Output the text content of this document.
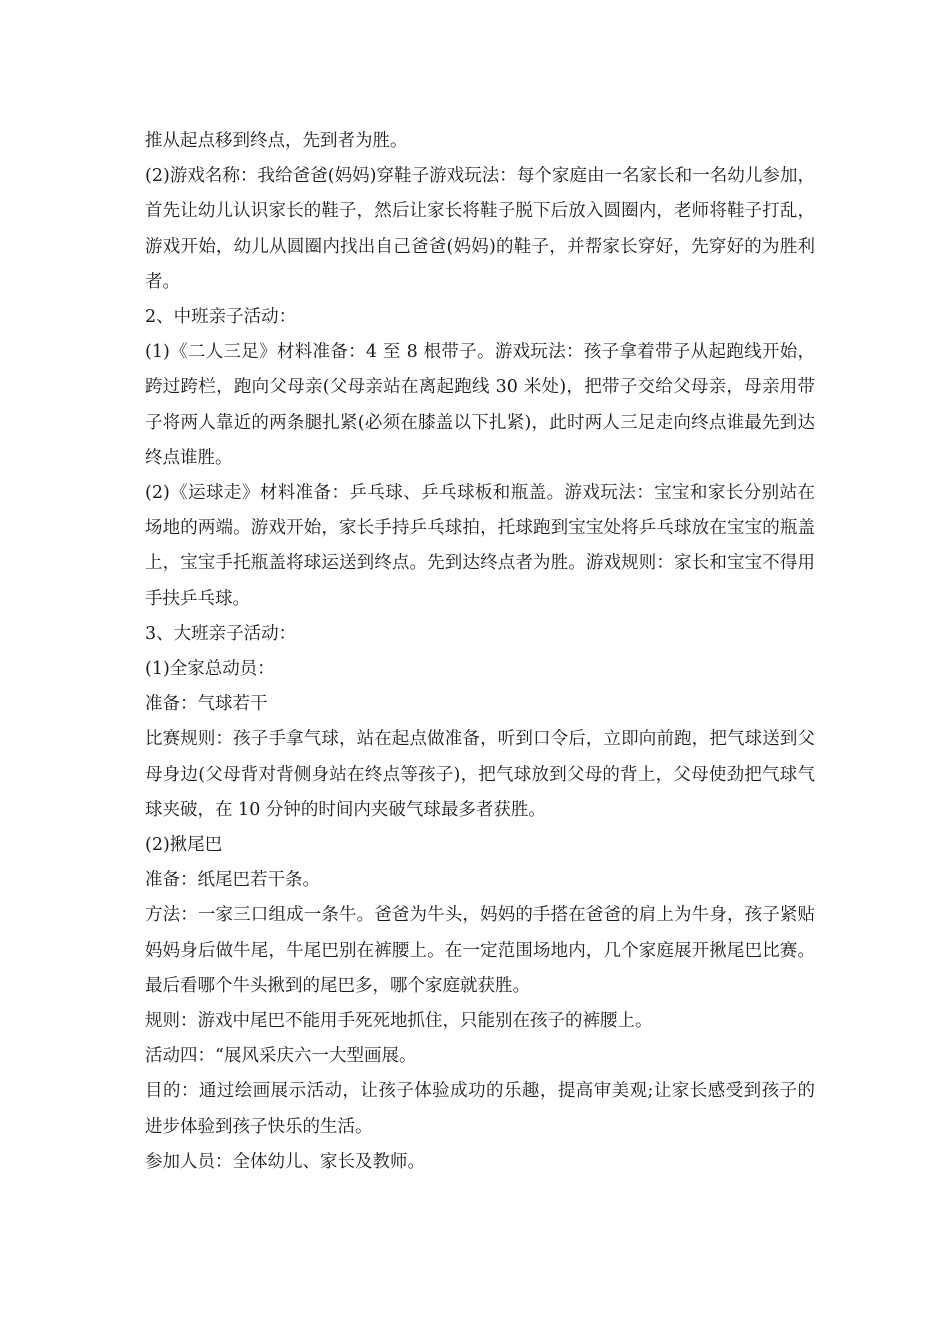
推从起点移到终点，先到者为胜。

(2)游戏名称：我给爸爸(妈妈)穿鞋子游戏玩法：每个家庭由一名家长和一名幼儿参加，首先让幼儿认识家长的鞋子，然后让家长将鞋子脱下后放入圆圈内，老师将鞋子打乱，游戏开始，幼儿从圆圈内找出自己爸爸(妈妈)的鞋子，并帮家长穿好，先穿好的为胜利者。

2、中班亲子活动：

(1)《二人三足》材料准备：4 至 8 根带子。游戏玩法：孩子拿着带子从起跑线开始，跨过跨栏，跑向父母亲(父母亲站在离起跑线 30 米处)，把带子交给父母亲，母亲用带子将两人靠近的两条腿扎紧(必须在膝盖以下扎紧)，此时两人三足走向终点谁最先到达终点谁胜。

(2)《运球走》材料准备：乒乓球、乒乓球板和瓶盖。游戏玩法：宝宝和家长分别站在场地的两端。游戏开始，家长手持乒乓球拍，托球跑到宝宝处将乒乓球放在宝宝的瓶盖上，宝宝手托瓶盖将球运送到终点。先到达终点者为胜。游戏规则：家长和宝宝不得用手扶乒乓球。

3、大班亲子活动：

(1)全家总动员：

准备：气球若干

比赛规则：孩子手拿气球，站在起点做准备，听到口令后，立即向前跑，把气球送到父母身边(父母背对背侧身站在终点等孩子)，把气球放到父母的背上，父母使劲把气球气球夹破，在 10 分钟的时间内夹破气球最多者获胜。

(2)揪尾巴

准备：纸尾巴若干条。

方法：一家三口组成一条牛。爸爸为牛头，妈妈的手搭在爸爸的肩上为牛身，孩子紧贴妈妈身后做牛尾，牛尾巴别在裤腰上。在一定范围场地内，几个家庭展开揪尾巴比赛。最后看哪个牛头揪到的尾巴多，哪个家庭就获胜。

规则：游戏中尾巴不能用手死死地抓住，只能别在孩子的裤腰上。

活动四：“展风采庆六一大型画展。

目的：通过绘画展示活动，让孩子体验成功的乐趣，提高审美观;让家长感受到孩子的进步体验到孩子快乐的生活。

参加人员：全体幼儿、家长及教师。
